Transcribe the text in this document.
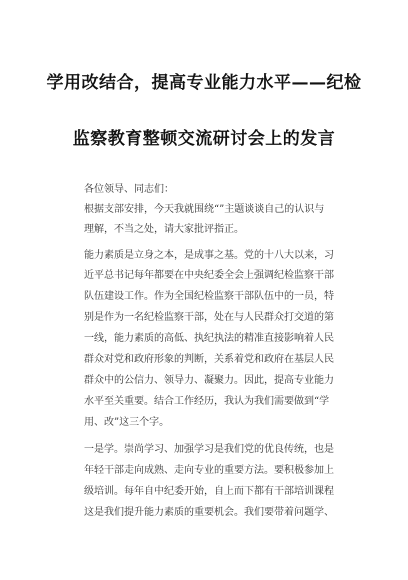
学用改结合，提高专业能力水平——纪检
监察教育整顿交流研讨会上的发言
各位领导、同志们：
根据支部安排，今天我就围绕“”主题谈谈自己的认识与
理解，不当之处，请大家批评指正。
能力素质是立身之本，是成事之基。党的十八大以来，习
近平总书记每年都要在中央纪委全会上强调纪检监察干部
队伍建设工作。作为全国纪检监察干部队伍中的一员，特
别是作为一名纪检监察干部，处在与人民群众打交道的第
一线，能力素质的高低、执纪执法的精准直接影响着人民
群众对党和政府形象的判断，关系着党和政府在基层人民
群众中的公信力、领导力、凝聚力。因此，提高专业能力
水平至关重要。结合工作经历，我认为我们需要做到“学
用、改”这三个字。
一是学。崇尚学习、加强学习是我们党的优良传统，也是
年轻干部走向成熟、走向专业的重要方法。要积极参加上
级培训。每年自中纪委开始，自上而下都有干部培训课程
这是我们提升能力素质的重要机会。我们要带着问题学、
